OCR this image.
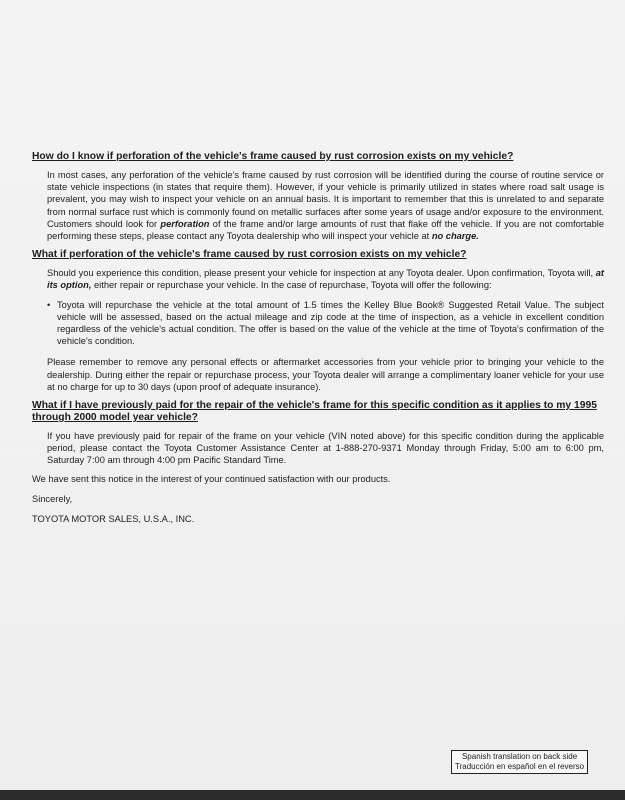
How do I know if perforation of the vehicle's frame caused by rust corrosion exists on my vehicle?

In most cases, any perforation of the vehicle's frame caused by rust corrosion will be identified during the course of routine service or state vehicle inspections (in states that require them). However, if your vehicle is primarily utilized in states where road salt usage is prevalent, you may wish to inspect your vehicle on an annual basis. It is important to remember that this is unrelated to and separate from normal surface rust which is commonly found on metallic surfaces after some years of usage and/or exposure to the environment. Customers should look for perforation of the frame and/or large amounts of rust that flake off the vehicle. If you are not comfortable performing these steps, please contact any Toyota dealership who will inspect your vehicle at no charge.

What if perforation of the vehicle's frame caused by rust corrosion exists on my vehicle?

Should you experience this condition, please present your vehicle for inspection at any Toyota dealer. Upon confirmation, Toyota will, at its option, either repair or repurchase your vehicle. In the case of repurchase, Toyota will offer the following:

• Toyota will repurchase the vehicle at the total amount of 1.5 times the Kelley Blue Book® Suggested Retail Value. The subject vehicle will be assessed, based on the actual mileage and zip code at the time of inspection, as a vehicle in excellent condition regardless of the vehicle's actual condition. The offer is based on the value of the vehicle at the time of Toyota's confirmation of the vehicle's condition.

Please remember to remove any personal effects or aftermarket accessories from your vehicle prior to bringing your vehicle to the dealership. During either the repair or repurchase process, your Toyota dealer will arrange a complimentary loaner vehicle for your use at no charge for up to 30 days (upon proof of adequate insurance).

What if I have previously paid for the repair of the vehicle's frame for this specific condition as it applies to my 1995 through 2000 model year vehicle?

If you have previously paid for repair of the frame on your vehicle (VIN noted above) for this specific condition during the applicable period, please contact the Toyota Customer Assistance Center at 1-888-270-9371 Monday through Friday, 5:00 am to 6:00 pm, Saturday 7:00 am through 4:00 pm Pacific Standard Time.

We have sent this notice in the interest of your continued satisfaction with our products.

Sincerely,

TOYOTA MOTOR SALES, U.S.A., INC.

Spanish translation on back side
Traducción en español en el reverso
